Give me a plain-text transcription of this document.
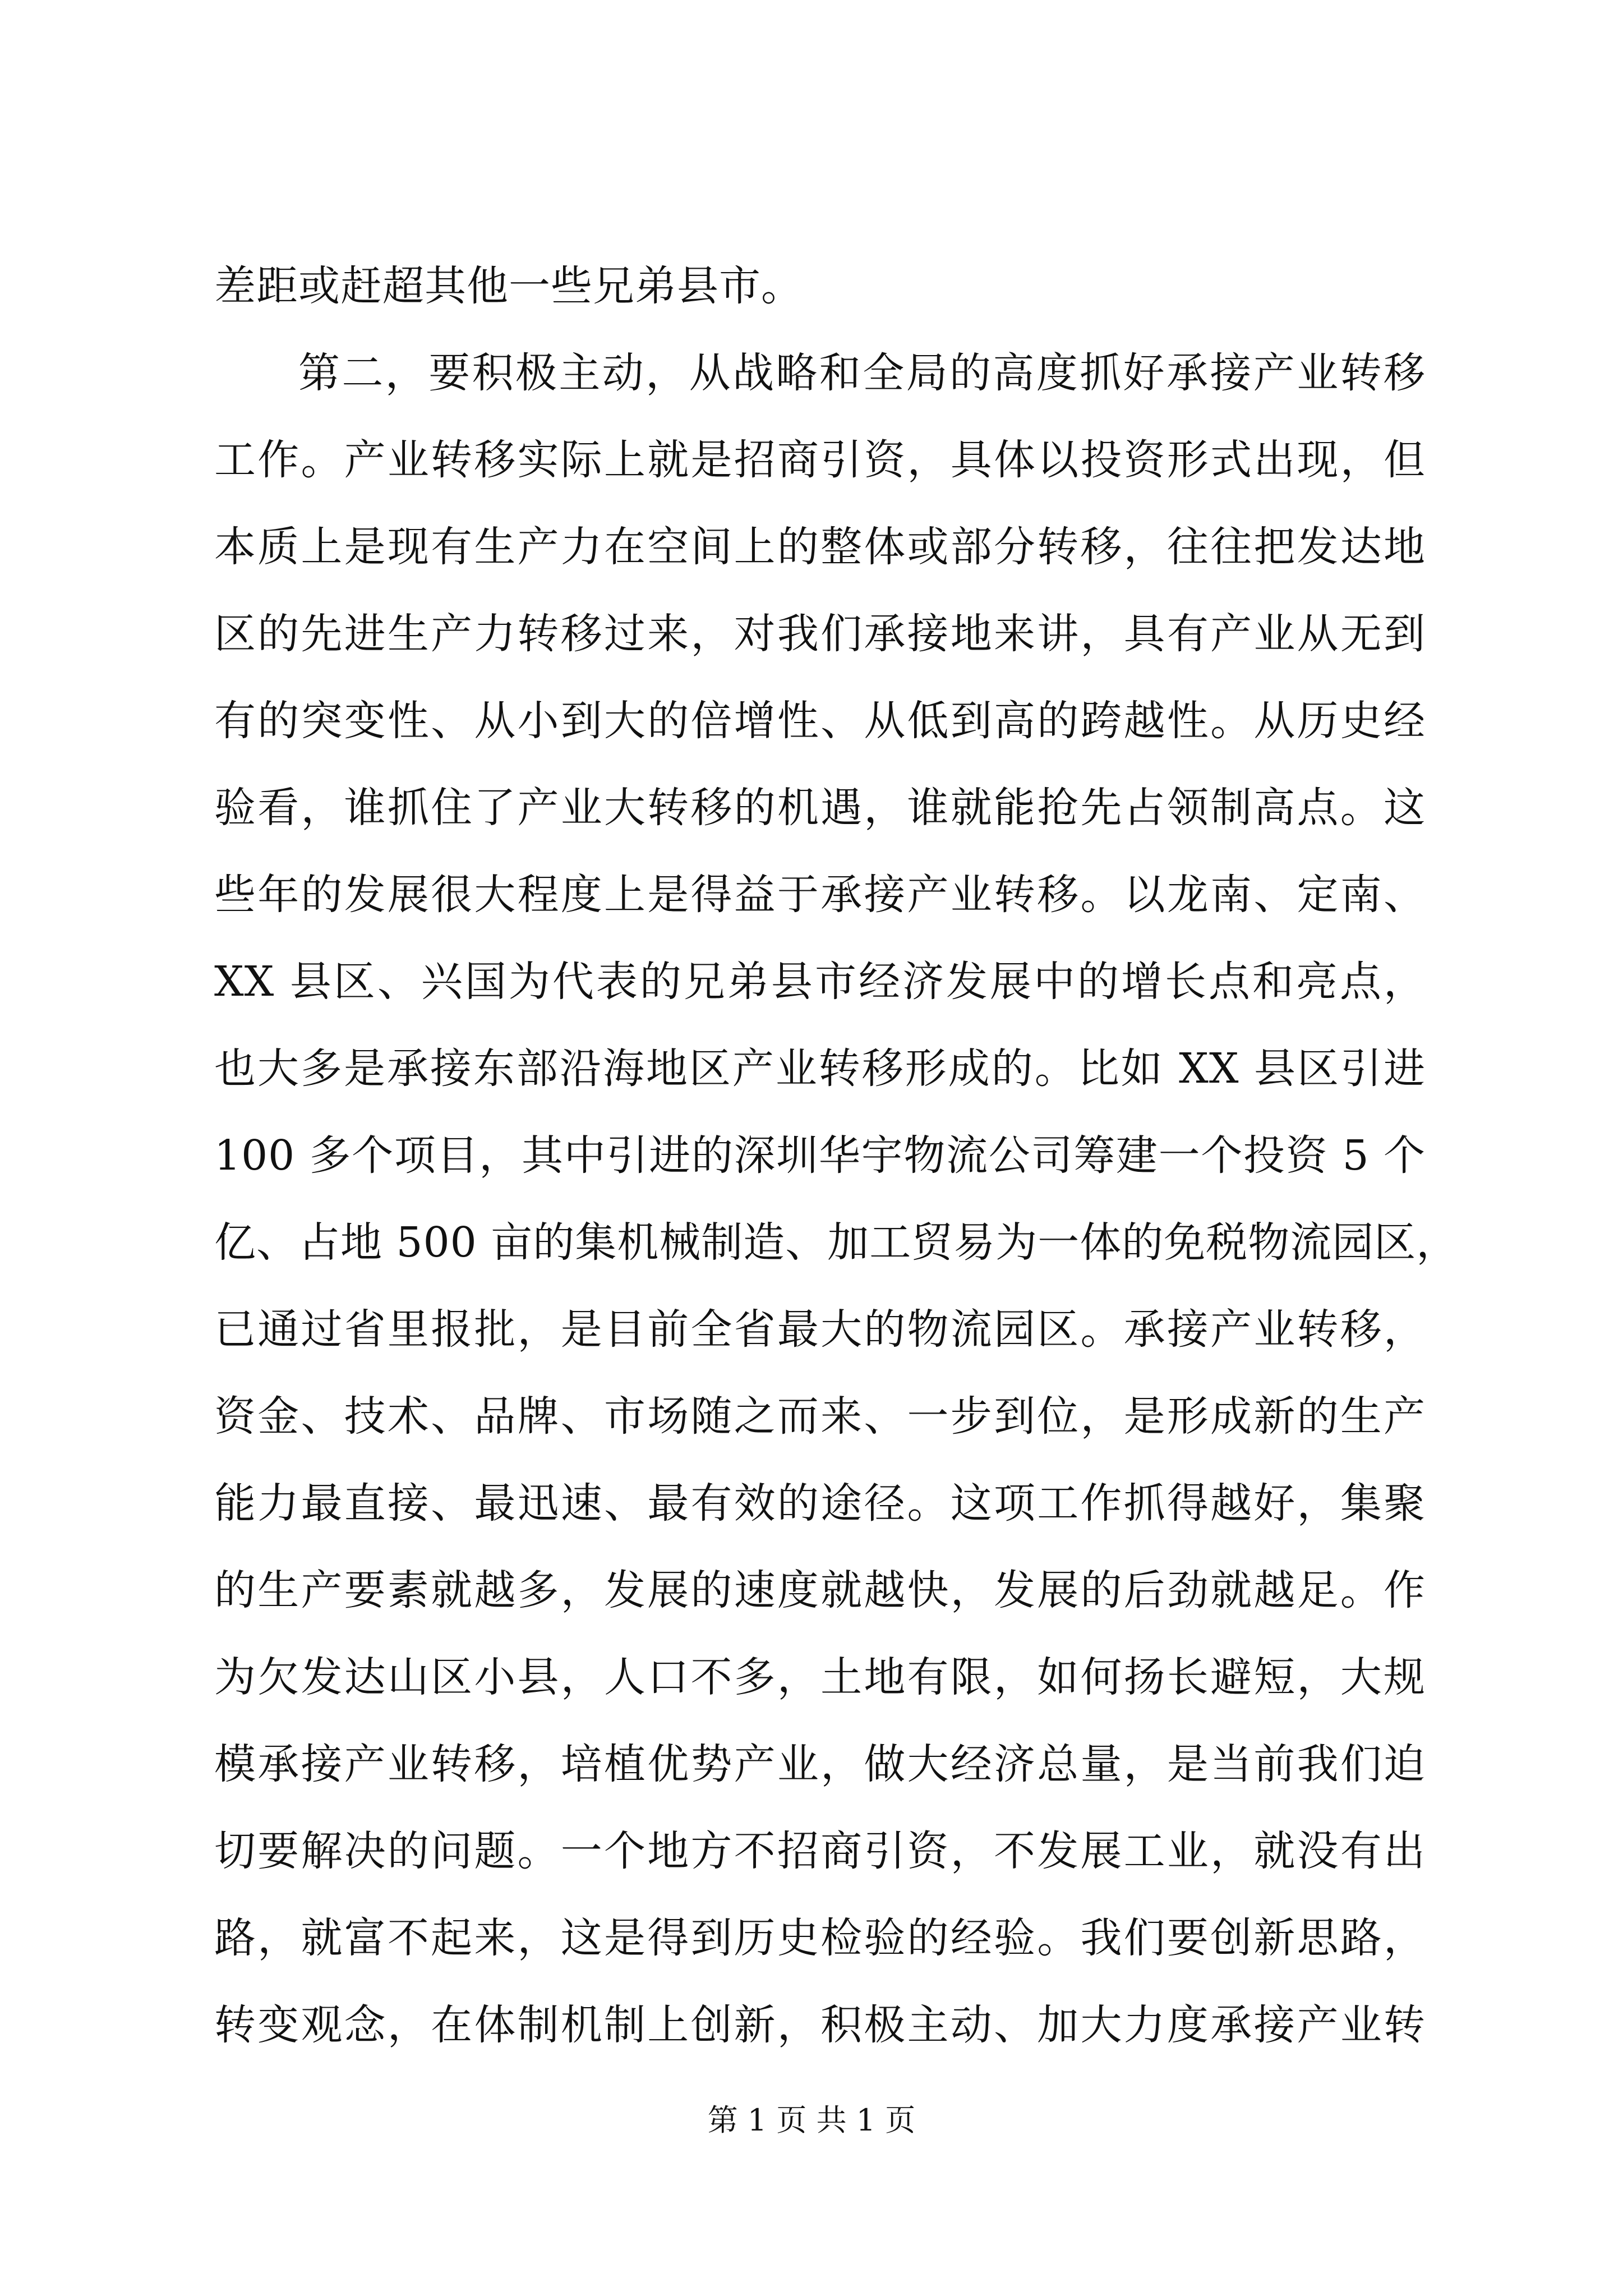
差距或赶超其他一些兄弟县市。
第二，要积极主动，从战略和全局的高度抓好承接产业转移
工作。产业转移实际上就是招商引资，具体以投资形式出现，但
本质上是现有生产力在空间上的整体或部分转移，往往把发达地
区的先进生产力转移过来，对我们承接地来讲，具有产业从无到
有的突变性、从小到大的倍增性、从低到高的跨越性。从历史经
验看，谁抓住了产业大转移的机遇，谁就能抢先占领制高点。这
些年的发展很大程度上是得益于承接产业转移。以龙南、定南、
XX 县区、兴国为代表的兄弟县市经济发展中的增长点和亮点，
也大多是承接东部沿海地区产业转移形成的。比如 XX 县区引进
100 多个项目，其中引进的深圳华宇物流公司筹建一个投资 5 个
亿、占地 500 亩的集机械制造、加工贸易为一体的免税物流园区，
已通过省里报批，是目前全省最大的物流园区。承接产业转移，
资金、技术、品牌、市场随之而来、一步到位，是形成新的生产
能力最直接、最迅速、最有效的途径。这项工作抓得越好，集聚
的生产要素就越多，发展的速度就越快，发展的后劲就越足。作
为欠发达山区小县，人口不多，土地有限，如何扬长避短，大规
模承接产业转移，培植优势产业，做大经济总量，是当前我们迫
切要解决的问题。一个地方不招商引资，不发展工业，就没有出
路，就富不起来，这是得到历史检验的经验。我们要创新思路，
转变观念，在体制机制上创新，积极主动、加大力度承接产业转
第 1 页 共 1 页
